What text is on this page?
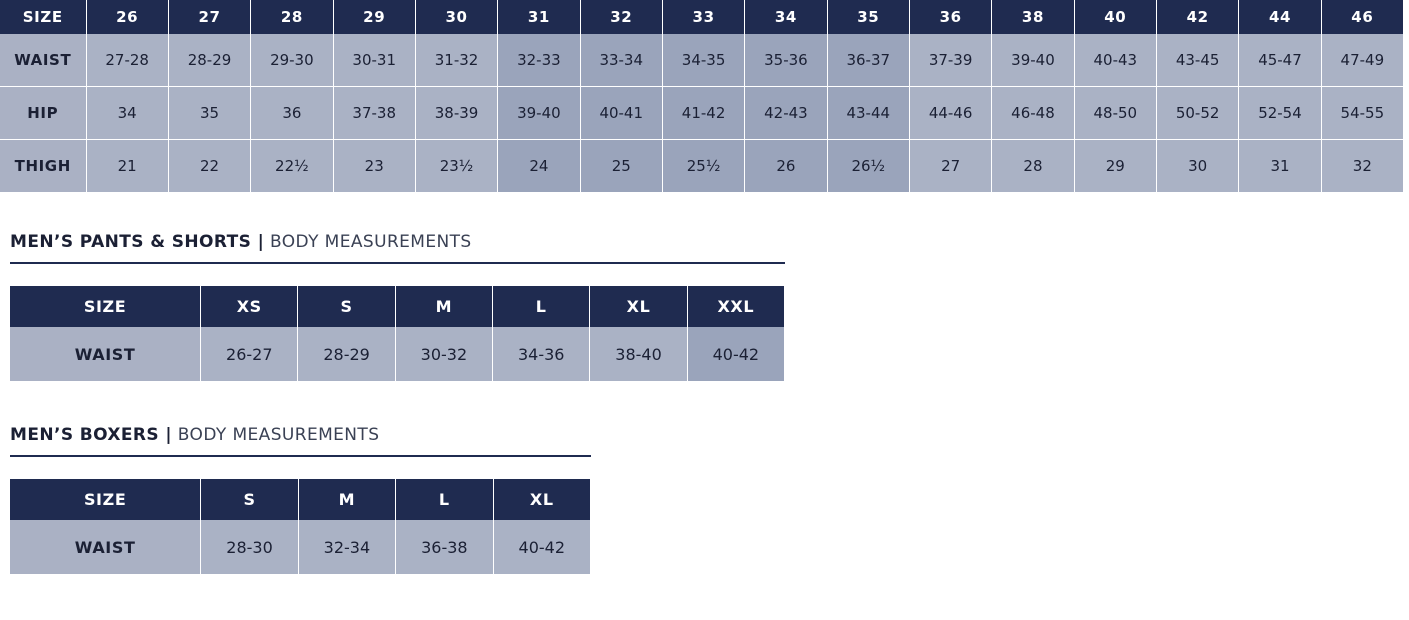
SIZE	26	27	28	29	30	31	32	33	34	35	36	38	40	42	44	46
WAIST	27-28	28-29	29-30	30-31	31-32	32-33	33-34	34-35	35-36	36-37	37-39	39-40	40-43	43-45	45-47	47-49
HIP	34	35	36	37-38	38-39	39-40	40-41	41-42	42-43	43-44	44-46	46-48	48-50	50-52	52-54	54-55
THIGH	21	22	22½	23	23½	24	25	25½	26	26½	27	28	29	30	31	32

MEN’S PANTS & SHORTS | BODY MEASUREMENTS

SIZE	XS	S	M	L	XL	XXL
WAIST	26-27	28-29	30-32	34-36	38-40	40-42

MEN’S BOXERS | BODY MEASUREMENTS

SIZE	S	M	L	XL
WAIST	28-30	32-34	36-38	40-42
